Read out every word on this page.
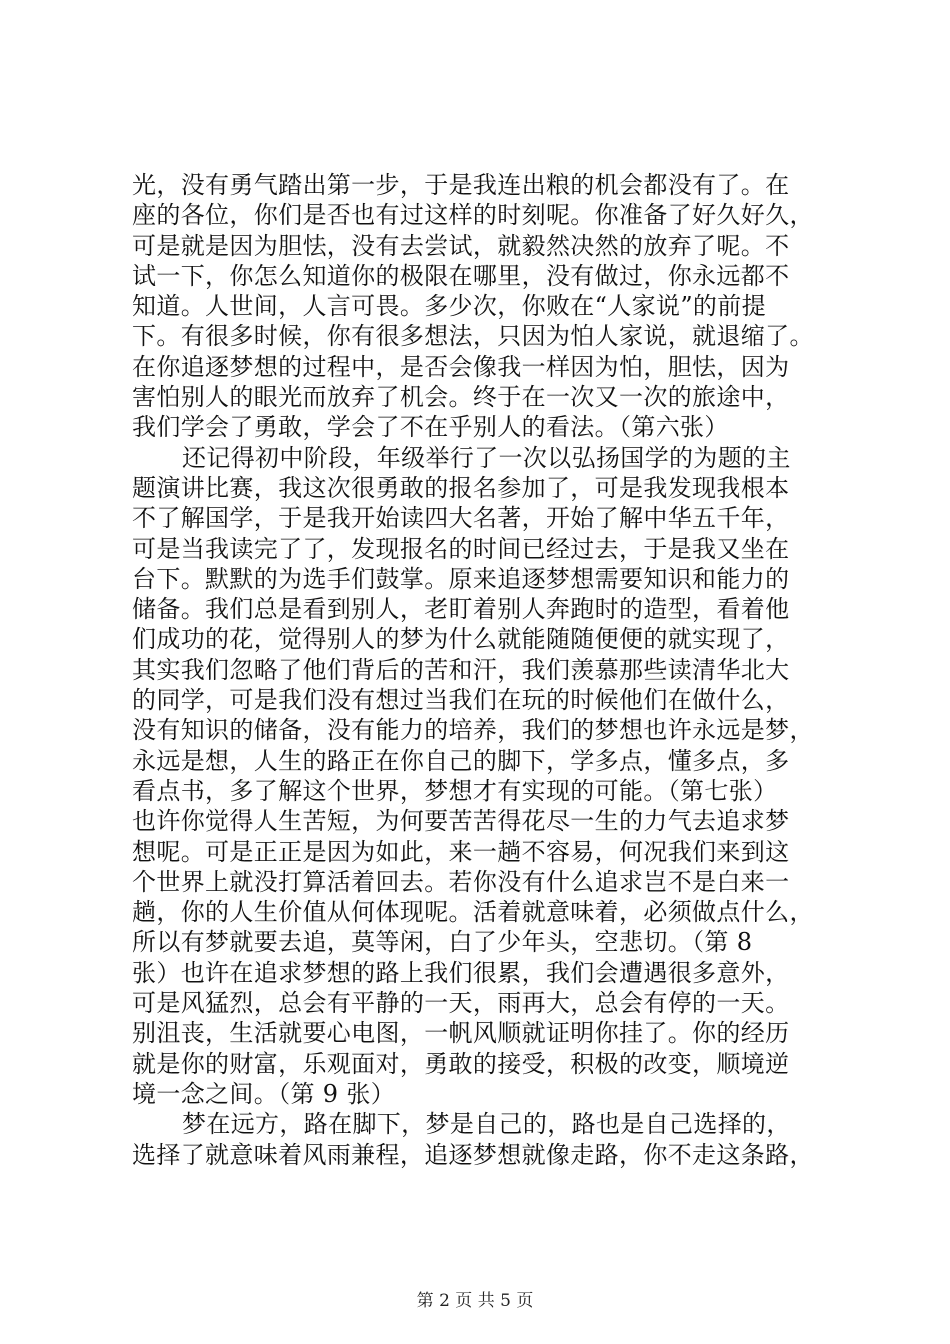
光，没有勇气踏出第一步，于是我连出粮的机会都没有了。在
座的各位，你们是否也有过这样的时刻呢。你准备了好久好久，
可是就是因为胆怯，没有去尝试，就毅然决然的放弃了呢。不
试一下，你怎么知道你的极限在哪里，没有做过，你永远都不
知道。人世间，人言可畏。多少次，你败在“人家说”的前提
下。有很多时候，你有很多想法，只因为怕人家说，就退缩了。
在你追逐梦想的过程中，是否会像我一样因为怕，胆怯，因为
害怕别人的眼光而放弃了机会。终于在一次又一次的旅途中，
我们学会了勇敢，学会了不在乎别人的看法。（第六张）
还记得初中阶段，年级举行了一次以弘扬国学的为题的主
题演讲比赛，我这次很勇敢的报名参加了，可是我发现我根本
不了解国学，于是我开始读四大名著，开始了解中华五千年，
可是当我读完了了，发现报名的时间已经过去，于是我又坐在
台下。默默的为选手们鼓掌。原来追逐梦想需要知识和能力的
储备。我们总是看到别人，老盯着别人奔跑时的造型，看着他
们成功的花，觉得别人的梦为什么就能随随便便的就实现了，
其实我们忽略了他们背后的苦和汗，我们羡慕那些读清华北大
的同学，可是我们没有想过当我们在玩的时候他们在做什么，
没有知识的储备，没有能力的培养，我们的梦想也许永远是梦，
永远是想，人生的路正在你自己的脚下，学多点，懂多点，多
看点书，多了解这个世界，梦想才有实现的可能。（第七张）
也许你觉得人生苦短，为何要苦苦得花尽一生的力气去追求梦
想呢。可是正正是因为如此，来一趟不容易，何况我们来到这
个世界上就没打算活着回去。若你没有什么追求岂不是白来一
趟，你的人生价值从何体现呢。活着就意味着，必须做点什么，
所以有梦就要去追，莫等闲，白了少年头，空悲切。（第 8
张）也许在追求梦想的路上我们很累，我们会遭遇很多意外，
可是风猛烈，总会有平静的一天，雨再大，总会有停的一天。
别沮丧，生活就要心电图，一帆风顺就证明你挂了。你的经历
就是你的财富，乐观面对，勇敢的接受，积极的改变，顺境逆
境一念之间。（第 9 张）
梦在远方，路在脚下，梦是自己的，路也是自己选择的，
选择了就意味着风雨兼程，追逐梦想就像走路，你不走这条路，
第 2 页 共 5 页
